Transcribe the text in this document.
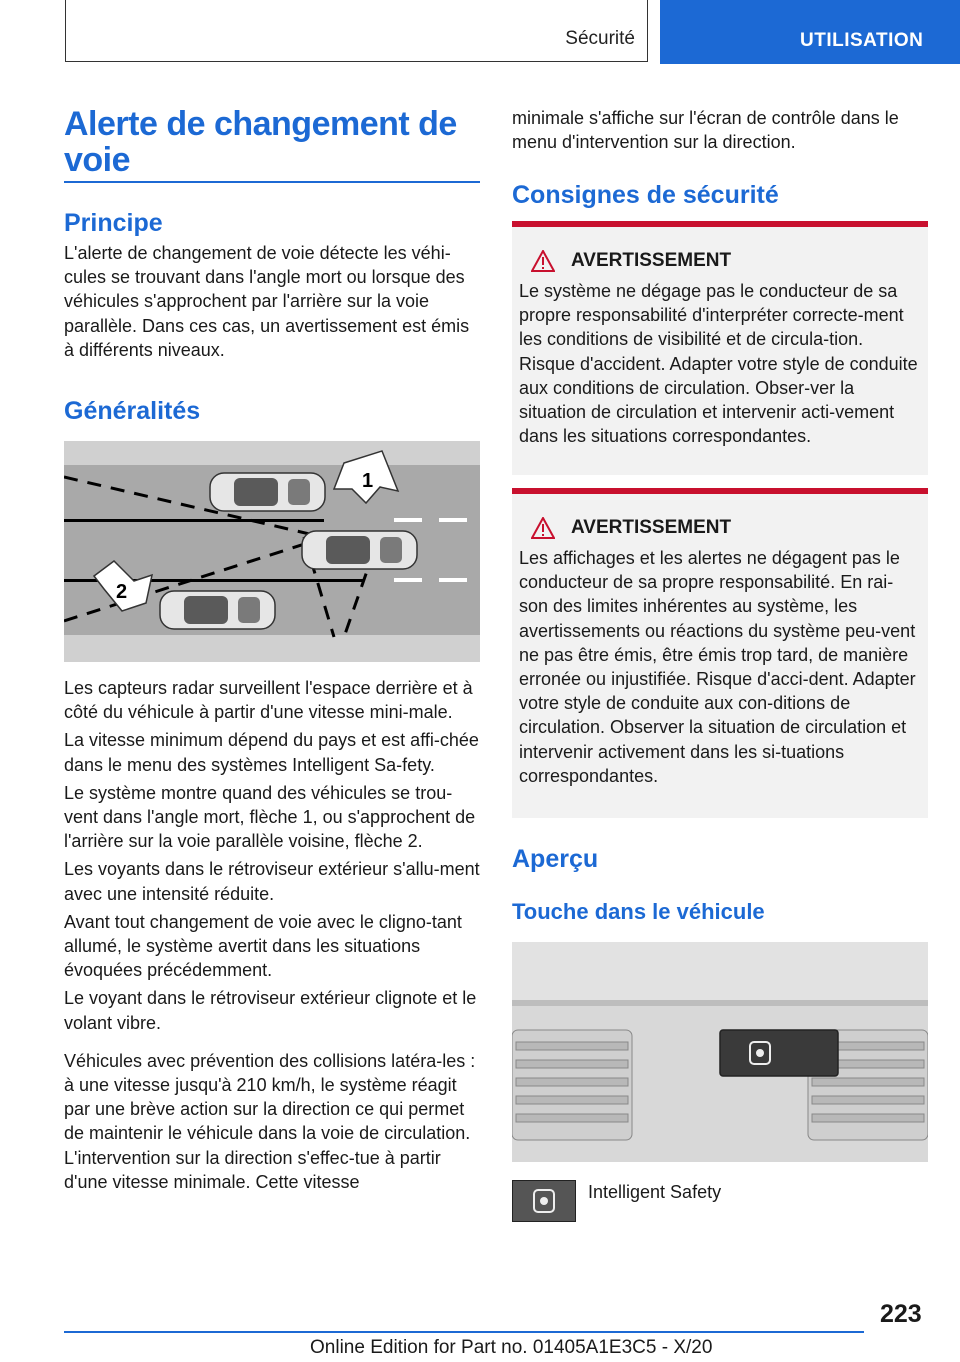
Sécurité	UTILISATION
Alerte de changement de voie
Principe

L'alerte de changement de voie détecte les véhi-cules se trouvant dans l'angle mort ou lorsque des véhicules s'approchent par l'arrière sur la voie parallèle. Dans ces cas, un avertissement est émis à différents niveaux.

Généralités
1
2

Les capteurs radar surveillent l'espace derrière et à côté du véhicule à partir d'une vitesse mini-male.

La vitesse minimum dépend du pays et est affi-chée dans le menu des systèmes Intelligent Sa-fety.

Le système montre quand des véhicules se trou-vent dans l'angle mort, flèche 1, ou s'approchent de l'arrière sur la voie parallèle voisine, flèche 2.

Les voyants dans le rétroviseur extérieur s'allu-ment avec une intensité réduite.

Avant tout changement de voie avec le cligno-tant allumé, le système avertit dans les situations évoquées précédemment.

Le voyant dans le rétroviseur extérieur clignote et le volant vibre.

Véhicules avec prévention des collisions latéra-les : à une vitesse jusqu'à 210 km/h, le système réagit par une brève action sur la direction ce qui permet de maintenir le véhicule dans la voie de circulation. L'intervention sur la direction s'effec-tue à partir d'une vitesse minimale. Cette vitesse

minimale s'affiche sur l'écran de contrôle dans le menu d'intervention sur la direction.

Consignes de sécurité
AVERTISSEMENT

Le système ne dégage pas le conducteur de sa propre responsabilité d'interpréter correcte-ment les conditions de visibilité et de circula-tion. Risque d'accident. Adapter votre style de conduite aux conditions de circulation. Obser-ver la situation de circulation et intervenir acti-vement dans les situations correspondantes.

AVERTISSEMENT

Les affichages et les alertes ne dégagent pas le conducteur de sa propre responsabilité. En rai-son des limites inhérentes au système, les avertissements ou réactions du système peu-vent ne pas être émis, être émis trop tard, de manière erronée ou injustifiée. Risque d'acci-dent. Adapter votre style de conduite aux con-ditions de circulation. Observer la situation de circulation et intervenir activement dans les si-tuations correspondantes.

Aperçu
Touche dans le véhicule
Intelligent Safety
223
Online Edition for Part no. 01405A1E3C5 - X/20
